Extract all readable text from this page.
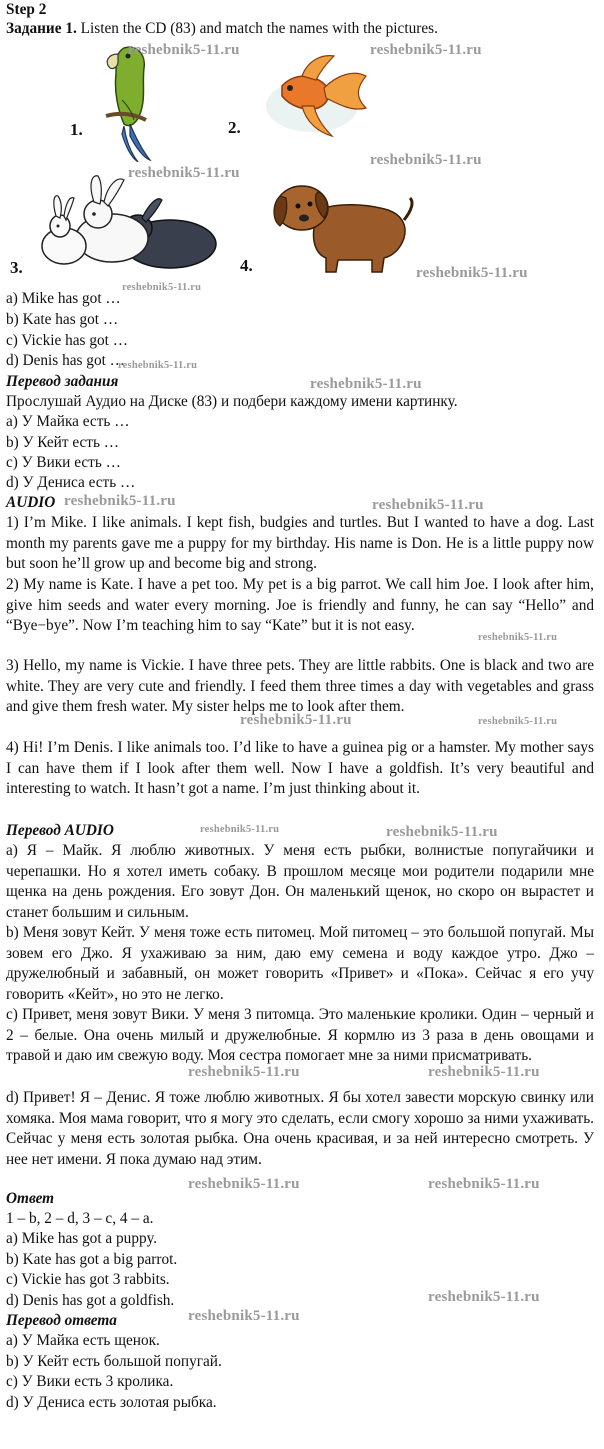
Step 2
Задание 1. Listen the CD (83) and match the names with the pictures.
1.	2.
3.	4.
a) Mike has got …
b) Kate has got …
c) Vickie has got …
d) Denis has got …
Перевод задания
Прослушай Аудио на Диске (83) и подбери каждому имени картинку.
a) У Майка есть …
b) У Кейт есть …
c) У Вики есть …
d) У Дениса есть …
AUDIO
1) I’m Mike. I like animals. I kept fish, budgies and turtles. But I wanted to have a dog. Last month my parents gave me a puppy for my birthday. His name is Don. He is a little puppy now but soon he’ll grow up and become big and strong.
2) My name is Kate. I have a pet too. My pet is a big parrot. We call him Joe. I look after him, give him seeds and water every morning. Joe is friendly and funny, he can say “Hello” and “Bye−bye”. Now I’m teaching him to say “Kate” but it is not easy.
3) Hello, my name is Vickie. I have three pets. They are little rabbits. One is black and two are white. They are very cute and friendly. I feed them three times a day with vegetables and grass and give them fresh water. My sister helps me to look after them.
4) Hi! I’m Denis. I like animals too. I’d like to have a guinea pig or a hamster. My mother says I can have them if I look after them well. Now I have a goldfish. It’s very beautiful and interesting to watch. It hasn’t got a name. I’m just thinking about it.
Перевод AUDIO
a) Я – Майк. Я люблю животных. У меня есть рыбки, волнистые попугайчики и черепашки. Но я хотел иметь собаку. В прошлом месяце мои родители подарили мне щенка на день рождения. Его зовут Дон. Он маленький щенок, но скоро он вырастет и станет большим и сильным.
b) Меня зовут Кейт. У меня тоже есть питомец. Мой питомец – это большой попугай. Мы зовем его Джо. Я ухаживаю за ним, даю ему семена и воду каждое утро. Джо – дружелюбный и забавный, он может говорить «Привет» и «Пока». Сейчас я его учу говорить «Кейт», но это не легко.
c) Привет, меня зовут Вики. У меня 3 питомца. Это маленькие кролики. Один – черный и 2 – белые. Она очень милый и дружелюбные. Я кормлю из 3 раза в день овощами и травой и даю им свежую воду. Моя сестра помогает мне за ними присматривать.
d) Привет! Я – Денис. Я тоже люблю животных. Я бы хотел завести морскую свинку или хомяка. Моя мама говорит, что я могу это сделать, если смогу хорошо за ними ухаживать. Сейчас у меня есть золотая рыбка. Она очень красивая, и за ней интересно смотреть. У нее нет имени. Я пока думаю над этим.
Ответ
1 – b, 2 – d, 3 – c, 4 – a.
a) Mike has got a puppy.
b) Kate has got a big parrot.
c) Vickie has got 3 rabbits.
d) Denis has got a goldfish.
Перевод ответа
a) У Майка есть щенок.
b) У Кейт есть большой попугай.
c) У Вики есть 3 кролика.
d) У Дениса есть золотая рыбка.
reshebnik5-11.ru	reshebnik5-11.ru
reshebnik5-11.ru
reshebnik5-11.ru
reshebnik5-11.ru
reshebnik5-11.ru
reshebnik5-11.ru
reshebnik5-11.ru
reshebnik5-11.ru	reshebnik5-11.ru
reshebnik5-11.ru
reshebnik5-11.ru	reshebnik5-11.ru
reshebnik5-11.ru	reshebnik5-11.ru
reshebnik5-11.ru	reshebnik5-11.ru
reshebnik5-11.ru	reshebnik5-11.ru
reshebnik5-11.ru
reshebnik5-11.ru
